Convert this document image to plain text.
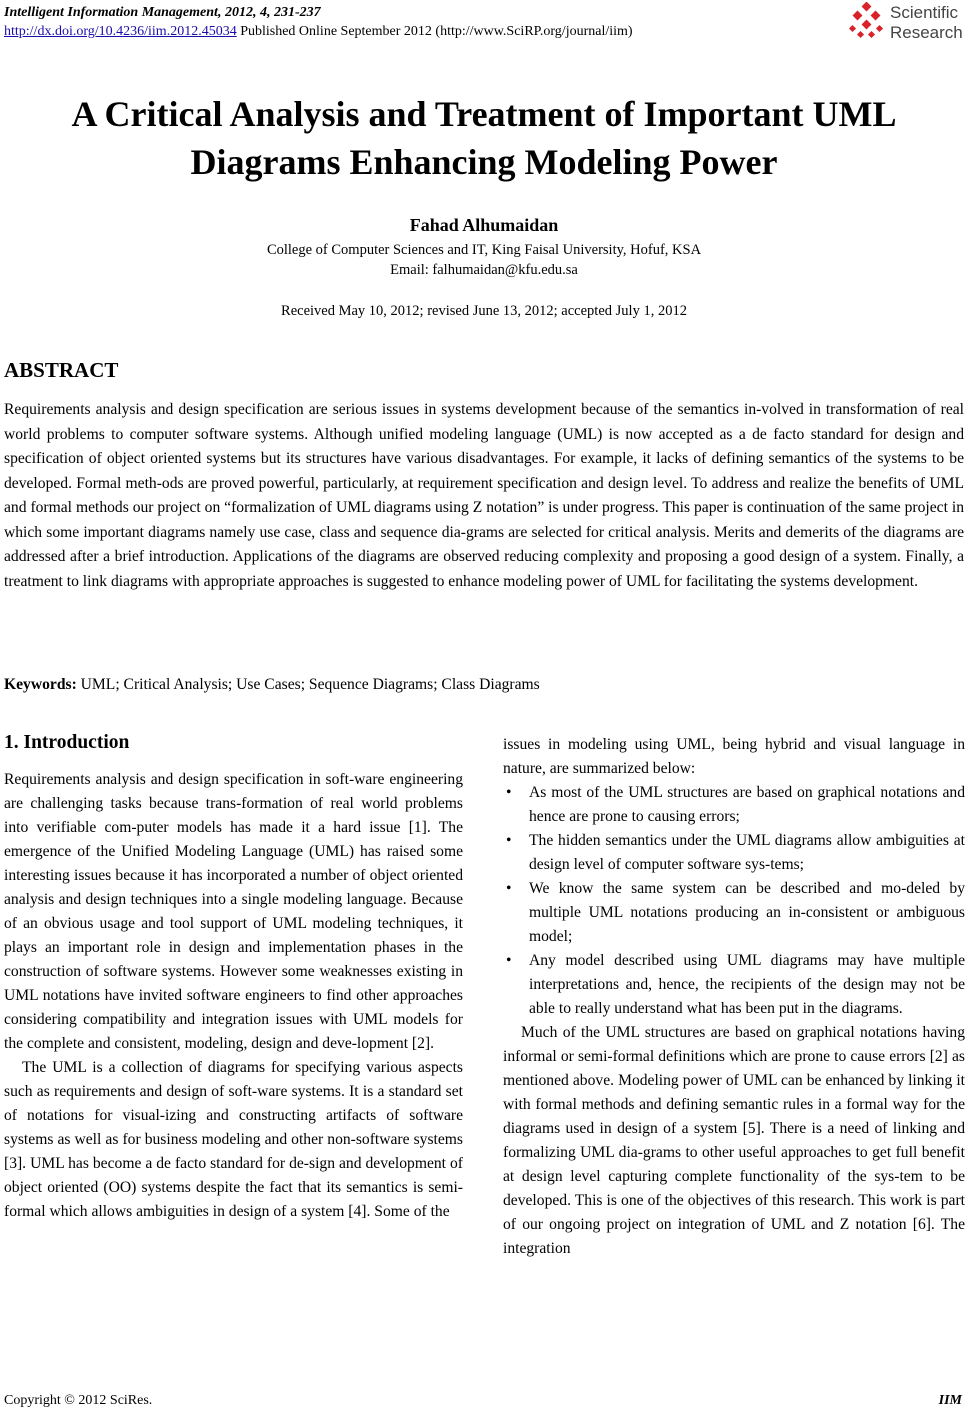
Intelligent Information Management, 2012, 4, 231-237
http://dx.doi.org/10.4236/iim.2012.45034 Published Online September 2012 (http://www.SciRP.org/journal/iim)
Scientific
Research
A Critical Analysis and Treatment of Important UML Diagrams Enhancing Modeling Power
Fahad Alhumaidan
College of Computer Sciences and IT, King Faisal University, Hofuf, KSA
Email: falhumaidan@kfu.edu.sa
Received May 10, 2012; revised June 13, 2012; accepted July 1, 2012
ABSTRACT

Requirements analysis and design specification are serious issues in systems development because of the semantics in-volved in transformation of real world problems to computer software systems. Although unified modeling language (UML) is now accepted as a de facto standard for design and specification of object oriented systems but its structures have various disadvantages. For example, it lacks of defining semantics of the systems to be developed. Formal meth-ods are proved powerful, particularly, at requirement specification and design level. To address and realize the benefits of UML and formal methods our project on “formalization of UML diagrams using Z notation” is under progress. This paper is continuation of the same project in which some important diagrams namely use case, class and sequence dia-grams are selected for critical analysis. Merits and demerits of the diagrams are addressed after a brief introduction. Applications of the diagrams are observed reducing complexity and proposing a good design of a system. Finally, a treatment to link diagrams with appropriate approaches is suggested to enhance modeling power of UML for facilitating the systems development.

Keywords: UML; Critical Analysis; Use Cases; Sequence Diagrams; Class Diagrams
1. Introduction

Requirements analysis and design specification in soft-ware engineering are challenging tasks because trans-formation of real world problems into verifiable com-puter models has made it a hard issue [1]. The emergence of the Unified Modeling Language (UML) has raised some interesting issues because it has incorporated a number of object oriented analysis and design techniques into a single modeling language. Because of an obvious usage and tool support of UML modeling techniques, it plays an important role in design and implementation phases in the construction of software systems. However some weaknesses existing in UML notations have invited software engineers to find other approaches considering compatibility and integration issues with UML models for the complete and consistent, modeling, design and deve-lopment [2].

The UML is a collection of diagrams for specifying various aspects such as requirements and design of soft-ware systems. It is a standard set of notations for visual-izing and constructing artifacts of software systems as well as for business modeling and other non-software systems [3]. UML has become a de facto standard for de-sign and development of object oriented (OO) systems despite the fact that its semantics is semi-formal which allows ambiguities in design of a system [4]. Some of the

issues in modeling using UML, being hybrid and visual language in nature, are summarized below:

• As most of the UML structures are based on graphical notations and hence are prone to causing errors;
• The hidden semantics under the UML diagrams allow ambiguities at design level of computer software sys-tems;
• We know the same system can be described and mo-deled by multiple UML notations producing an in-consistent or ambiguous model;
• Any model described using UML diagrams may have multiple interpretations and, hence, the recipients of the design may not be able to really understand what has been put in the diagrams.

Much of the UML structures are based on graphical notations having informal or semi-formal definitions which are prone to cause errors [2] as mentioned above. Modeling power of UML can be enhanced by linking it with formal methods and defining semantic rules in a formal way for the diagrams used in design of a system [5]. There is a need of linking and formalizing UML dia-grams to other useful approaches to get full benefit at design level capturing complete functionality of the sys-tem to be developed. This is one of the objectives of this research. This work is part of our ongoing project on integration of UML and Z notation [6]. The integration

Copyright © 2012 SciRes.	IIM
